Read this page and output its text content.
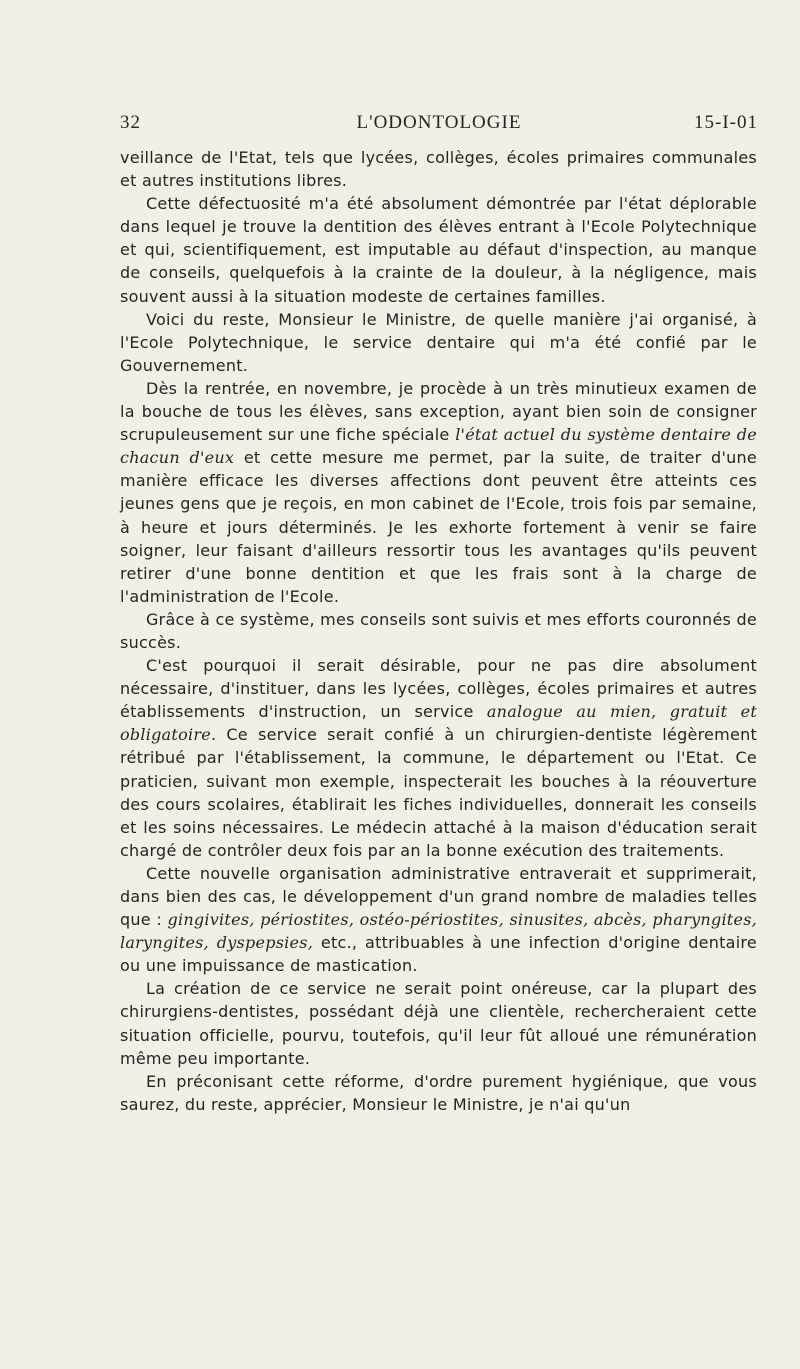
32	L'ODONTOLOGIE	15-I-01

veillance de l'Etat, tels que lycées, collèges, écoles primaires communales et autres institutions libres.

Cette défectuosité m'a été absolument démontrée par l'état déplorable dans lequel je trouve la dentition des élèves entrant à l'Ecole Polytechnique et qui, scientifiquement, est imputable au défaut d'inspection, au manque de conseils, quelquefois à la crainte de la douleur, à la négligence, mais souvent aussi à la situation modeste de certaines familles.

Voici du reste, Monsieur le Ministre, de quelle manière j'ai organisé, à l'Ecole Polytechnique, le service dentaire qui m'a été confié par le Gouvernement.

Dès la rentrée, en novembre, je procède à un très minutieux examen de la bouche de tous les élèves, sans exception, ayant bien soin de consigner scrupuleusement sur une fiche spéciale l'état actuel du système dentaire de chacun d'eux et cette mesure me permet, par la suite, de traiter d'une manière efficace les diverses affections dont peuvent être atteints ces jeunes gens que je reçois, en mon cabinet de l'Ecole, trois fois par semaine, à heure et jours déterminés. Je les exhorte fortement à venir se faire soigner, leur faisant d'ailleurs ressortir tous les avantages qu'ils peuvent retirer d'une bonne dentition et que les frais sont à la charge de l'administration de l'Ecole.

Grâce à ce système, mes conseils sont suivis et mes efforts couronnés de succès.

C'est pourquoi il serait désirable, pour ne pas dire absolument nécessaire, d'instituer, dans les lycées, collèges, écoles primaires et autres établissements d'instruction, un service analogue au mien, gratuit et obligatoire. Ce service serait confié à un chirurgien-dentiste légèrement rétribué par l'établissement, la commune, le département ou l'Etat. Ce praticien, suivant mon exemple, inspecterait les bouches à la réouverture des cours scolaires, établirait les fiches individuelles, donnerait les conseils et les soins nécessaires. Le médecin attaché à la maison d'éducation serait chargé de contrôler deux fois par an la bonne exécution des traitements.

Cette nouvelle organisation administrative entraverait et supprimerait, dans bien des cas, le développement d'un grand nombre de maladies telles que : gingivites, périostites, ostéo-périostites, sinusites, abcès, pharyngites, laryngites, dyspepsies, etc., attribuables à une infection d'origine dentaire ou une impuissance de mastication.

La création de ce service ne serait point onéreuse, car la plupart des chirurgiens-dentistes, possédant déjà une clientèle, rechercheraient cette situation officielle, pourvu, toutefois, qu'il leur fût alloué une rémunération même peu importante.

En préconisant cette réforme, d'ordre purement hygiénique, que vous saurez, du reste, apprécier, Monsieur le Ministre, je n'ai qu'un
